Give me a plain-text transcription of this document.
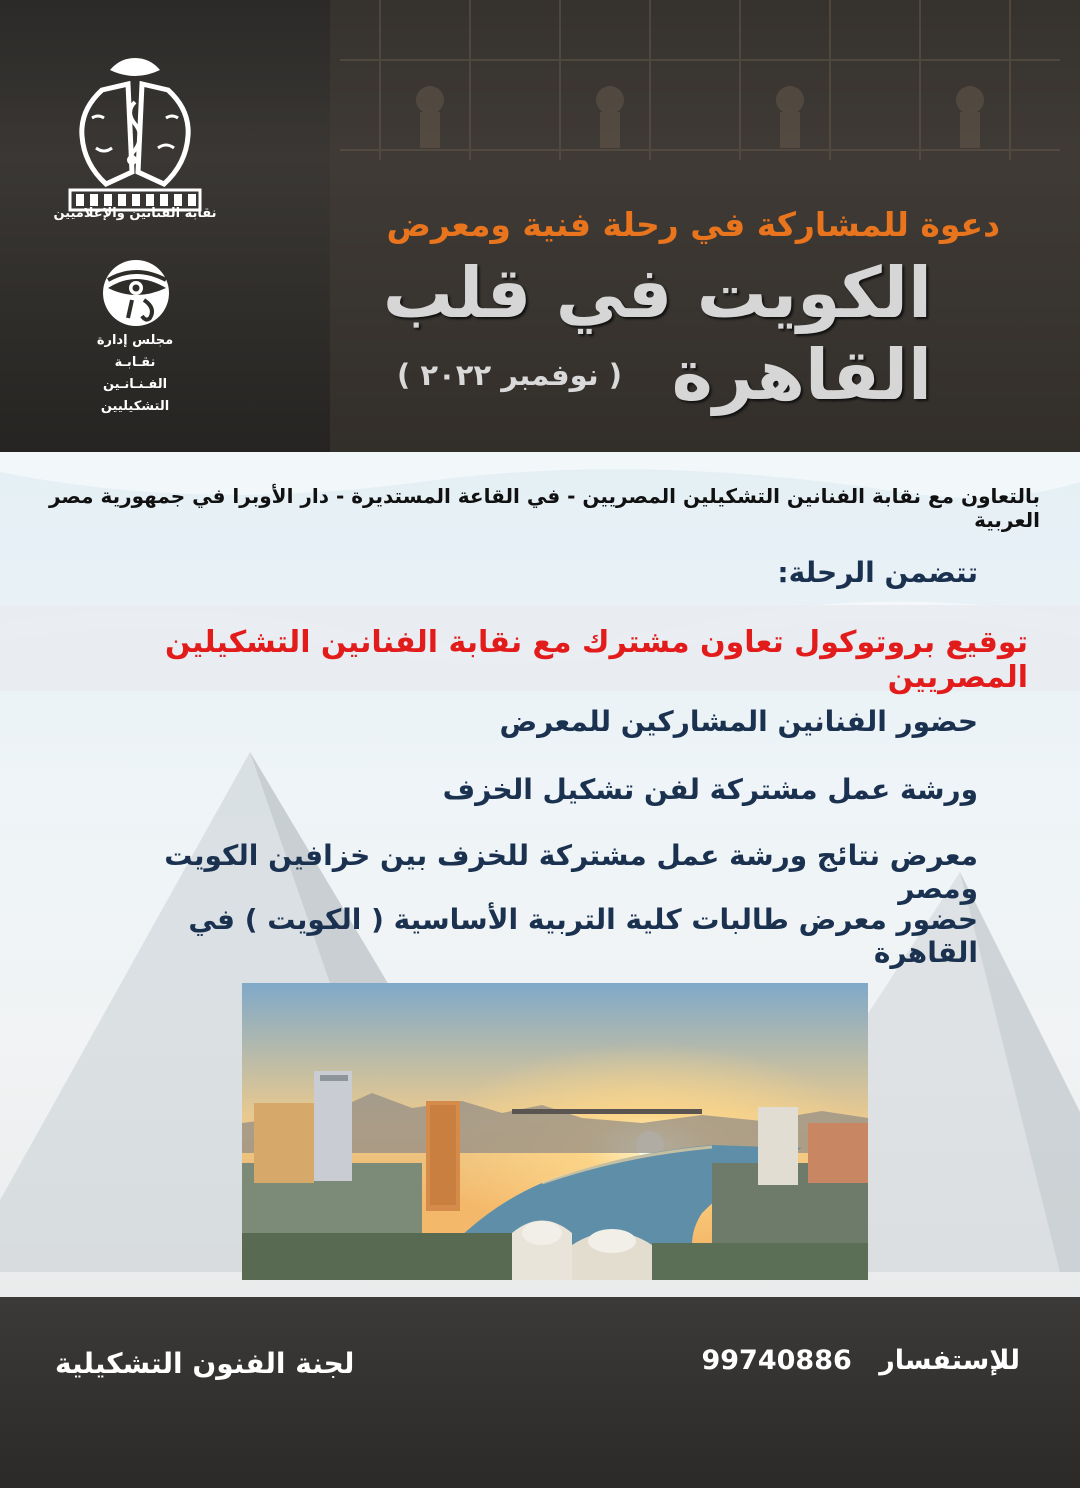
نقابة الفنانين والإعلاميين
مجلس إدارة
نقـابـة
الفـنـانـين
التشكيليين
دعوة للمشاركة في رحلة فنية ومعرض
الكويت في قلب القاهرة
( نوفمبر ٢٠٢٢ )
بالتعاون مع نقابة الفنانين التشكيلين المصريين - في القاعة المستديرة - دار الأوبرا في جمهورية مصر العربية
تتضمن الرحلة:
توقيع بروتوكول تعاون مشترك مع نقابة الفنانين التشكيلين المصريين
حضور الفنانين المشاركين للمعرض
ورشة عمل مشتركة لفن تشكيل الخزف
معرض نتائج ورشة عمل مشتركة للخزف بين خزافين الكويت ومصر
حضور معرض طالبات كلية التربية الأساسية ( الكويت ) في القاهرة
للإستفسار 99740886
لجنة الفنون التشكيلية
